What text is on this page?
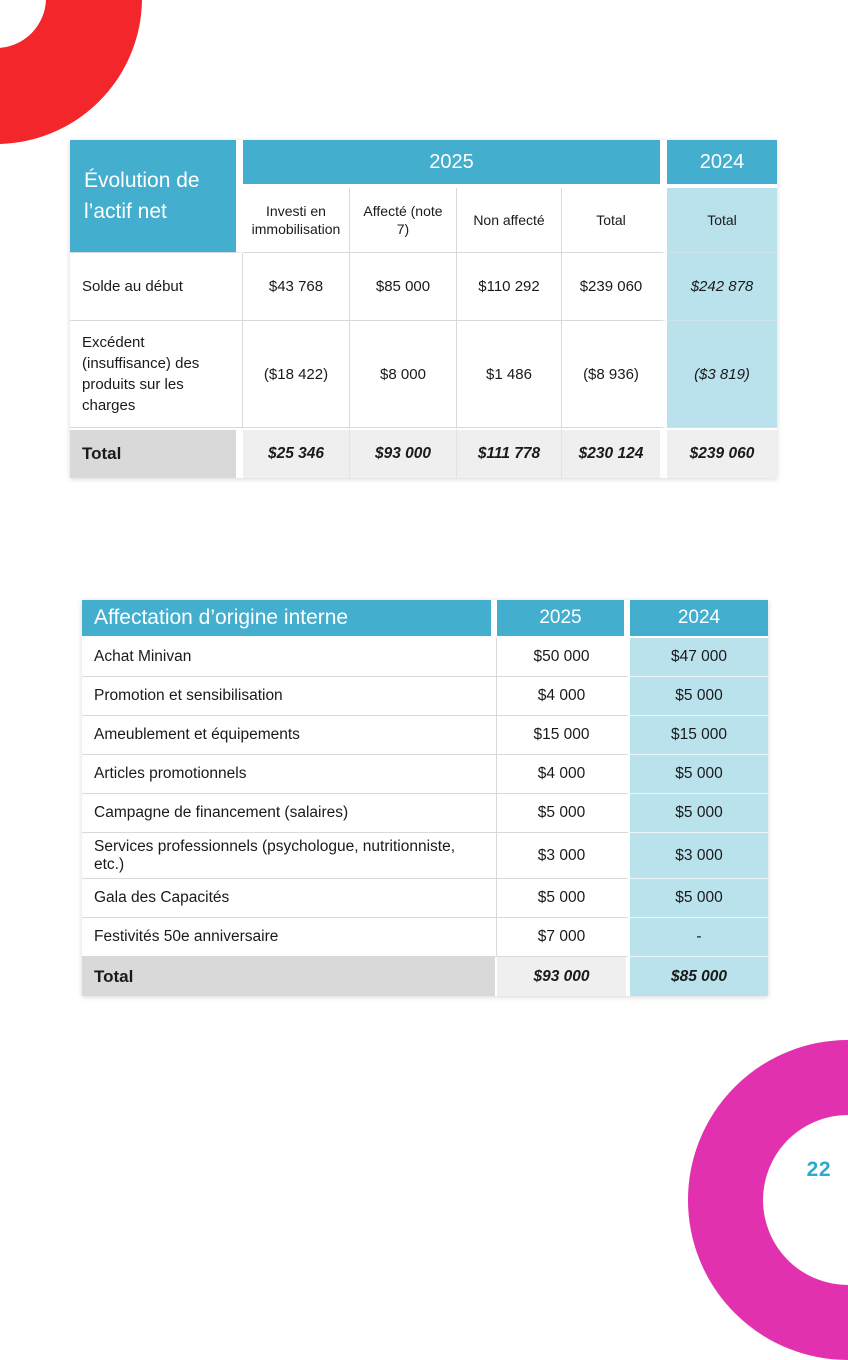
22
Évolution de l’actif net	2025				2024
	Investi en immobilisation	Affecté (note 7)	Non affecté	Total	Total
Solde au début	$43 768	$85 000	$110 292	$239 060	$242 878
Excédent (insuffisance) des produits sur les charges	($18 422)	$8 000	$1 486	($8 936)	($3 819)
Total	$25 346	$93 000	$111 778	$230 124	$239 060
Affectation d’origine interne	2025	2024
Achat Minivan	$50 000	$47 000
Promotion et sensibilisation	$4 000	$5 000
Ameublement et équipements	$15 000	$15 000
Articles promotionnels	$4 000	$5 000
Campagne de financement (salaires)	$5 000	$5 000
Services professionnels (psychologue, nutritionniste, etc.)	$3 000	$3 000
Gala des Capacités	$5 000	$5 000
Festivités 50e anniversaire	$7 000	-
Total	$93 000	$85 000
